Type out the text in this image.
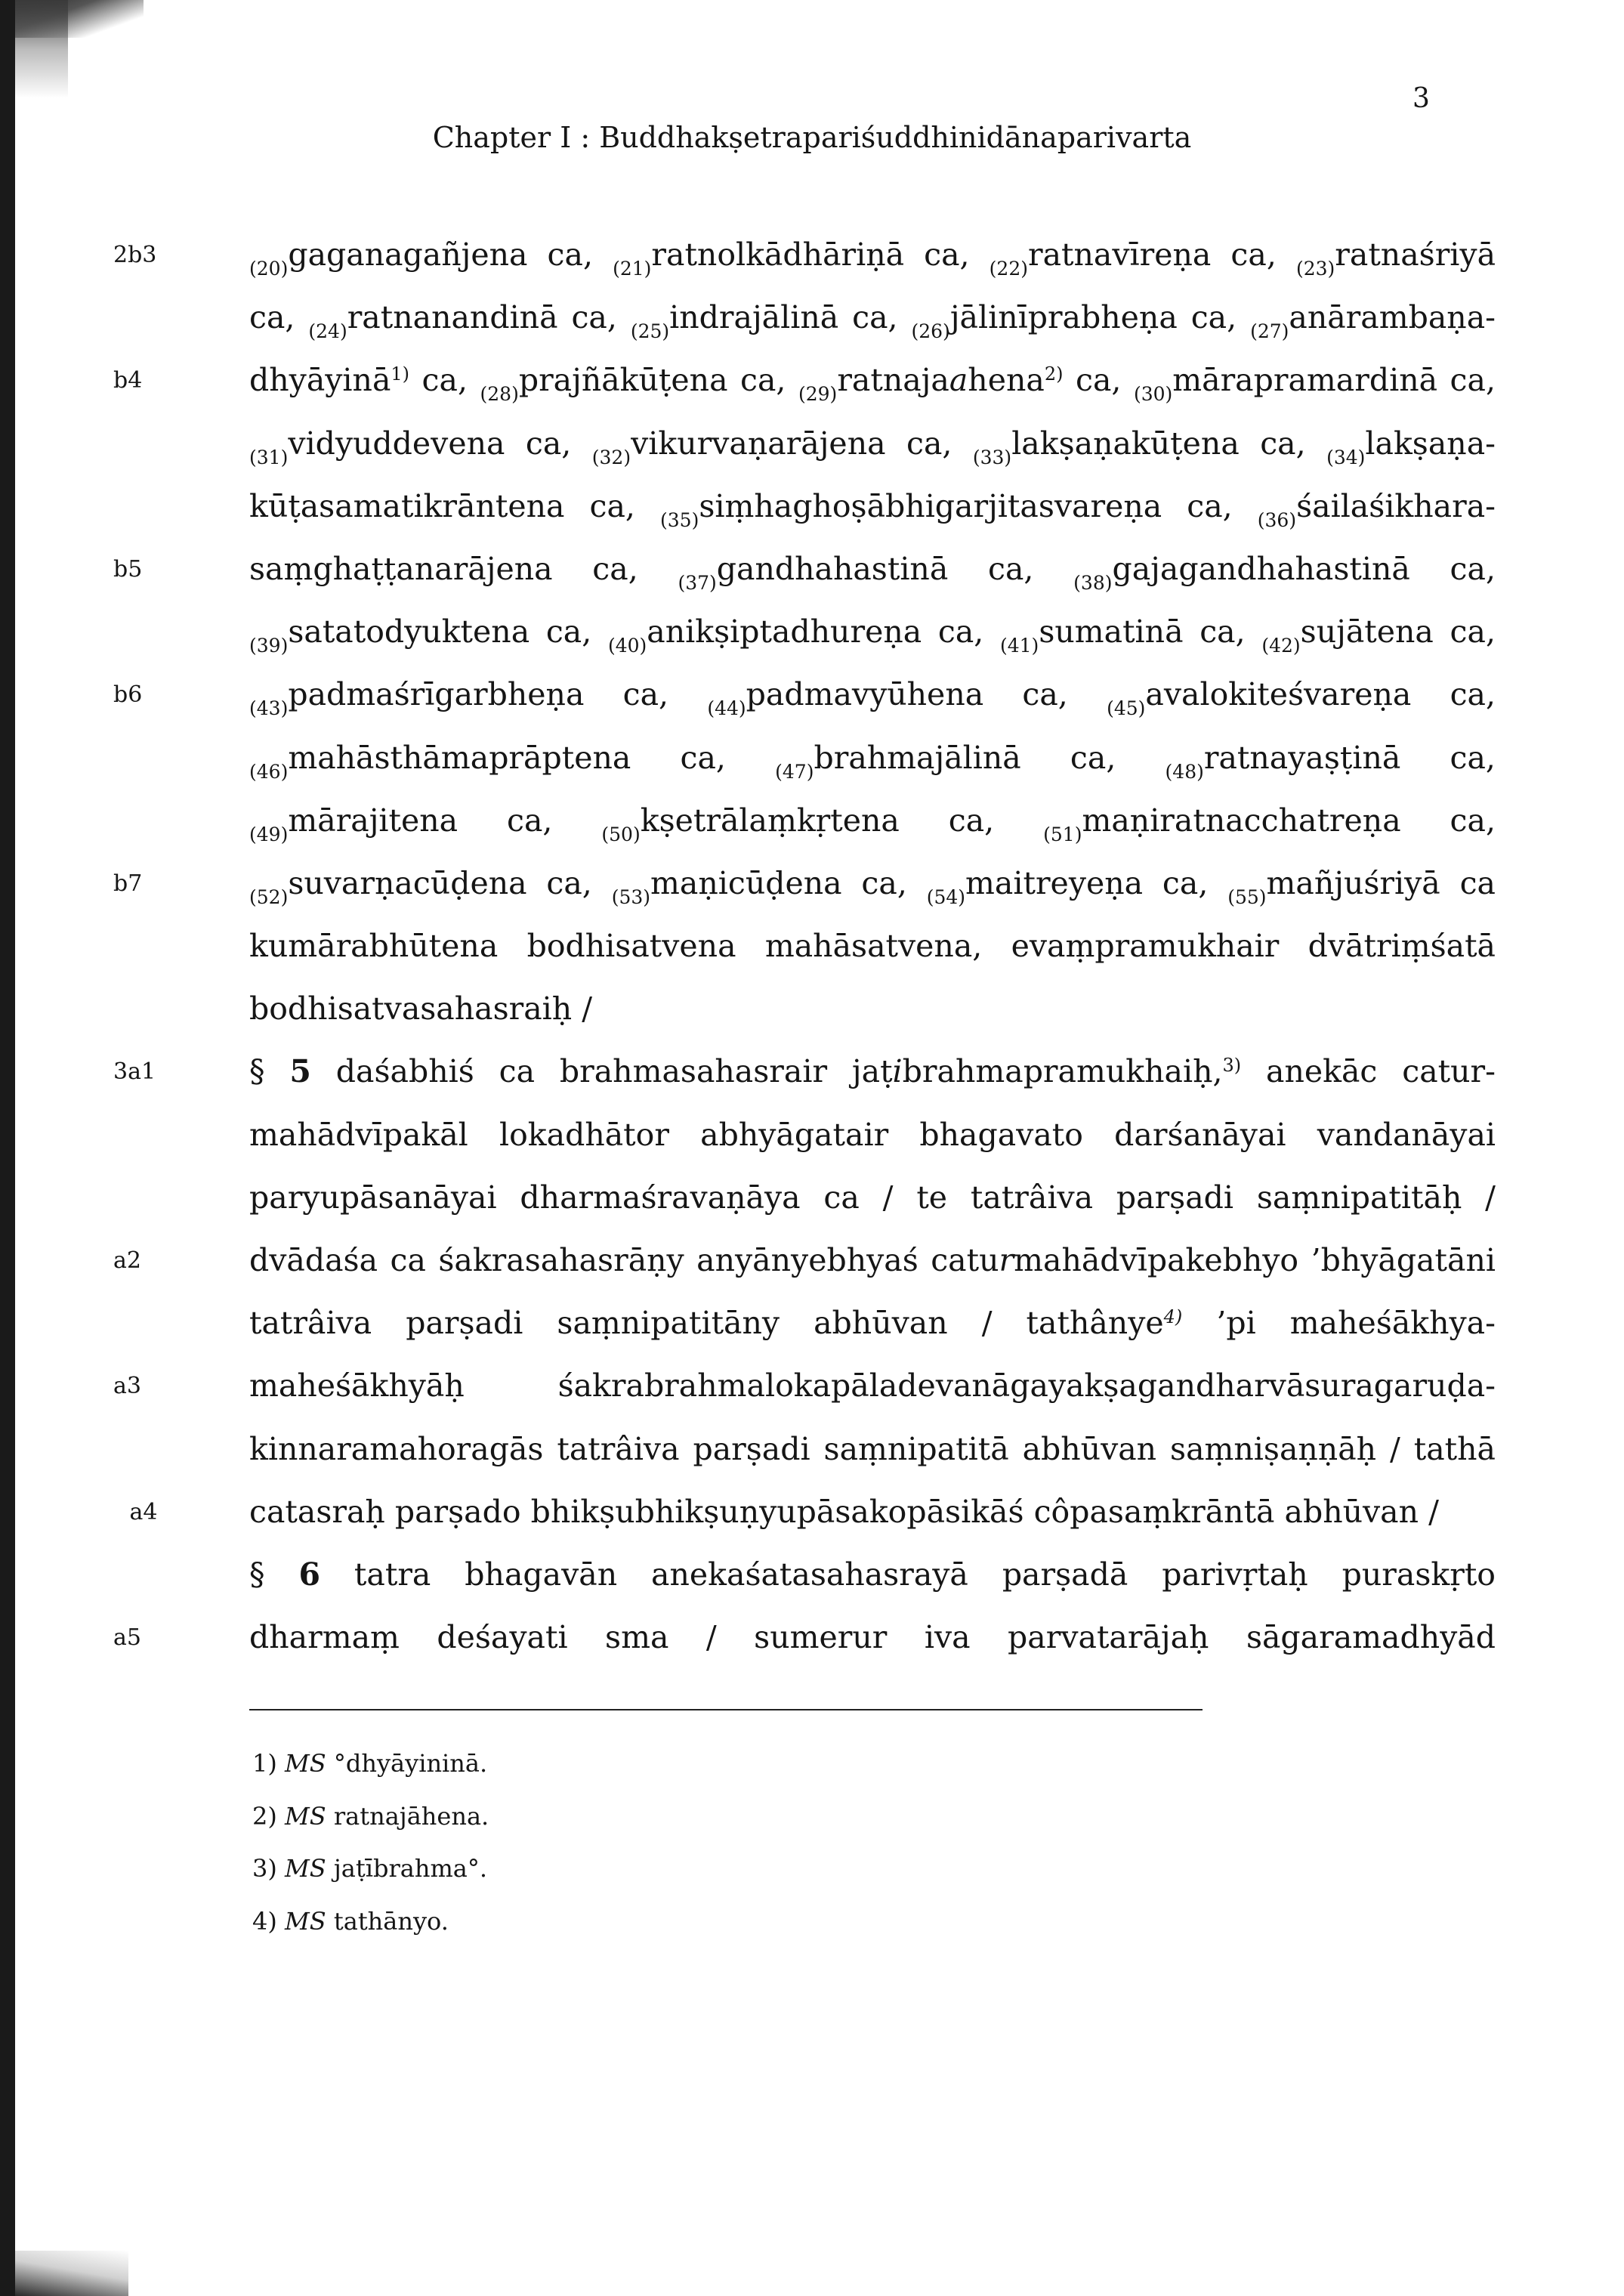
3
Chapter I : Buddhakṣetrapariśuddhinidānaparivarta
2b3
$_{(20)}$gaganagañjena ca, $_{(21)}$ratnolkādhāriṇā ca, $_{(22)}$ratnavīreṇa ca, $_{(23)}$ratnaśriyā
ca, $_{(24)}$ratnanandinā ca, $_{(25)}$indrajālinā ca, $_{(26)}$jālinīprabheṇa ca, $_{(27)}$anārambaṇa-
b4	dhyāyinā$^{1)}$ ca, $_{(28)}$prajñākūṭena ca, $_{(29)}$ratnajaahena$^{2)}$ ca, $_{(30)}$mārapramardinā ca,
$_{(31)}$vidyuddevena ca, $_{(32)}$vikurvaṇarājena ca, $_{(33)}$lakṣaṇakūṭena ca, $_{(34)}$lakṣaṇa-
kūṭasamatikrāntena ca, $_{(35)}$siṃhaghoṣābhigarjitasvareṇa ca, $_{(36)}$śailaśikhara-
b5	saṃghaṭṭanarājena ca, $_{(37)}$gandhahastinā ca, $_{(38)}$gajagandhahastinā ca,
$_{(39)}$satatodyuktena ca, $_{(40)}$anikṣiptadhureṇa ca, $_{(41)}$sumatinā ca, $_{(42)}$sujātena ca,
b6
$_{(43)}$padmaśrīgarbheṇa ca, $_{(44)}$padmavyūhena ca, $_{(45)}$avalokiteśvareṇa ca,
$_{(46)}$mahāsthāmaprāptena ca, $_{(47)}$brahmajālinā ca, $_{(48)}$ratnayaṣṭinā ca,
$_{(49)}$mārajitena ca, $_{(50)}$kṣetrālaṃkṛtena ca, $_{(51)}$maṇiratnacchatreṇa ca,
b7
$_{(52)}$suvarṇacūḍena ca, $_{(53)}$maṇicūḍena ca, $_{(54)}$maitreyeṇa ca, $_{(55)}$mañjuśriyā ca
kumārabhūtena bodhisatvena mahāsatvena, evaṃpramukhair dvātriṃśatā
bodhisatvasahasraiḥ /
3a1	§ 5 daśabhiś ca brahmasahasrair jaṭibrahmapramukhaiḥ,$^{3)}$ anekāc catur-
mahādvīpakāl lokadhātor abhyāgatair bhagavato darśanāyai vandanāyai
paryupāsanāyai dharmaśravaṇāya ca / te tatrâiva parṣadi saṃnipatitāḥ /
a2	dvādaśa ca śakrasahasrāṇy anyānyebhyaś caturmahādvīpakebhyo ’bhyāgatāni
tatrâiva parṣadi saṃnipatitāny abhūvan / tathânye$^{4)}$ ’pi maheśākhya-
a3	maheśākhyāḥ śakrabrahmalokapāladevanāgayakṣagandharvāsuragaruḍa-
kinnaramahoragās tatrâiva parṣadi saṃnipatitā abhūvan saṃniṣaṇṇāḥ / tathā
a4	catasraḥ parṣado bhikṣubhikṣuṇyupāsakopāsikāś côpasaṃkrāntā abhūvan /
§ 6 tatra bhagavān anekaśatasahasrayā parṣadā parivṛtaḥ puraskṛto
a5	dharmaṃ deśayati sma / sumerur iva parvatarājaḥ sāgaramadhyād
1) MS °dhyāyininā.
2) MS ratnajāhena.
3) MS jaṭībrahma°.
4) MS tathānyo.
